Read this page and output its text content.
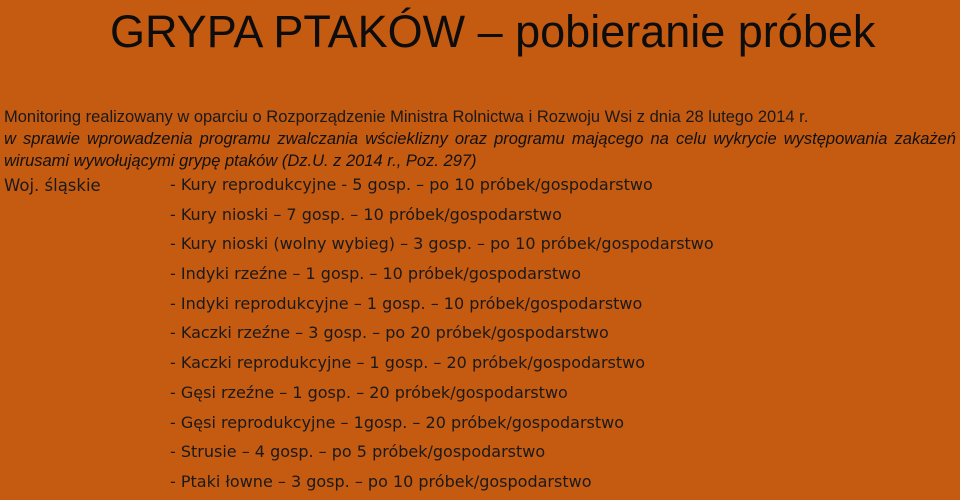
GRYPA PTAKÓW – pobieranie próbek
Monitoring realizowany w oparciu o Rozporządzenie Ministra Rolnictwa i Rozwoju Wsi z dnia 28 lutego 2014 r.
w sprawie wprowadzenia programu zwalczania wścieklizny oraz programu mającego na celu wykrycie występowania zakażeń wirusami wywołującymi grypę ptaków (Dz.U. z 2014 r., Poz. 297)
Woj. śląskie	- Kury reprodukcyjne - 5 gosp. – po 10 próbek/gospodarstwo
- Kury nioski – 7 gosp. – 10 próbek/gospodarstwo
- Kury nioski (wolny wybieg) – 3 gosp. – po 10 próbek/gospodarstwo
- Indyki rzeźne – 1 gosp. – 10 próbek/gospodarstwo
- Indyki reprodukcyjne – 1 gosp. – 10 próbek/gospodarstwo
- Kaczki rzeźne – 3 gosp. – po 20 próbek/gospodarstwo
- Kaczki reprodukcyjne – 1 gosp. – 20 próbek/gospodarstwo
- Gęsi rzeźne – 1 gosp. – 20 próbek/gospodarstwo
- Gęsi reprodukcyjne – 1gosp. – 20 próbek/gospodarstwo
- Strusie – 4 gosp. – po 5 próbek/gospodarstwo
- Ptaki łowne – 3 gosp. – po 10 próbek/gospodarstwo
